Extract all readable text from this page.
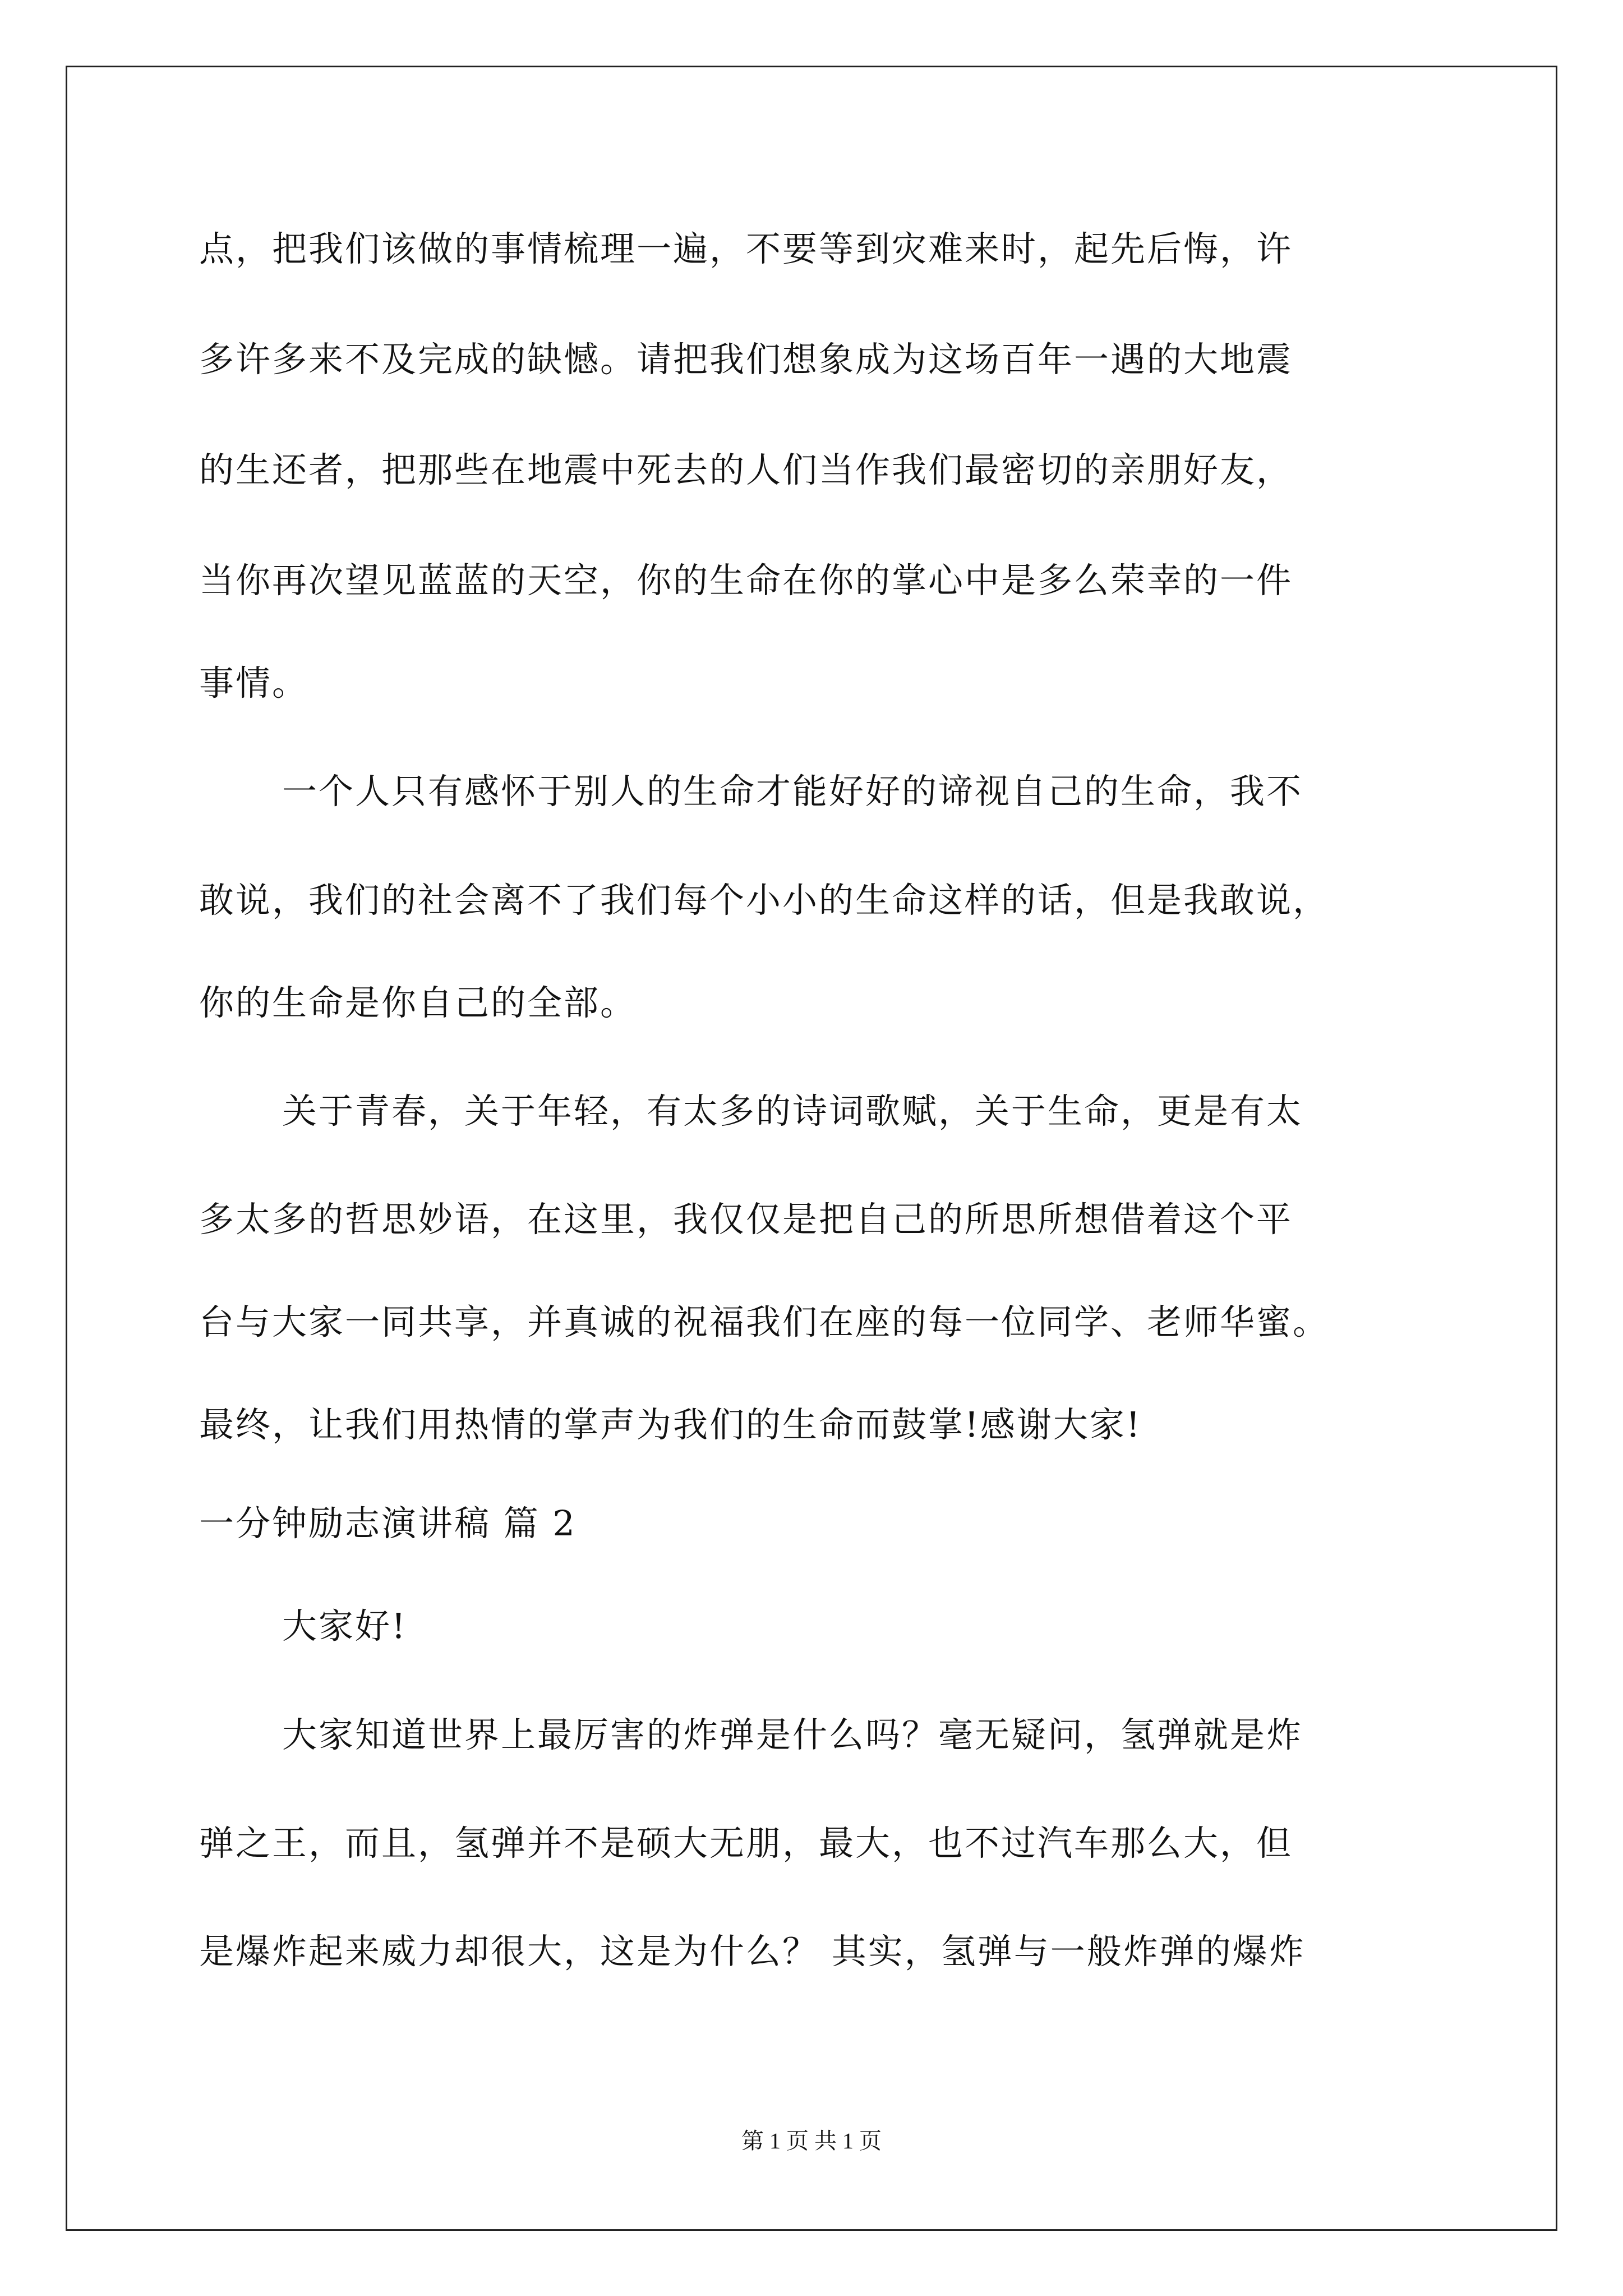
点，把我们该做的事情梳理一遍，不要等到灾难来时，起先后悔，许
多许多来不及完成的缺憾。请把我们想象成为这场百年一遇的大地震
的生还者，把那些在地震中死去的人们当作我们最密切的亲朋好友，
当你再次望见蓝蓝的天空，你的生命在你的掌心中是多么荣幸的一件
事情。
一个人只有感怀于别人的生命才能好好的谛视自己的生命，我不
敢说，我们的社会离不了我们每个小小的生命这样的话，但是我敢说，
你的生命是你自己的全部。
关于青春，关于年轻，有太多的诗词歌赋，关于生命，更是有太
多太多的哲思妙语，在这里，我仅仅是把自己的所思所想借着这个平
台与大家一同共享，并真诚的祝福我们在座的每一位同学、老师华蜜。
最终，让我们用热情的掌声为我们的生命而鼓掌!感谢大家!
一分钟励志演讲稿 篇 2
大家好!
大家知道世界上最厉害的炸弹是什么吗？毫无疑问，氢弹就是炸
弹之王，而且，氢弹并不是硕大无朋，最大，也不过汽车那么大，但
是爆炸起来威力却很大，这是为什么？ 其实，氢弹与一般炸弹的爆炸
第 1 页 共 1 页
